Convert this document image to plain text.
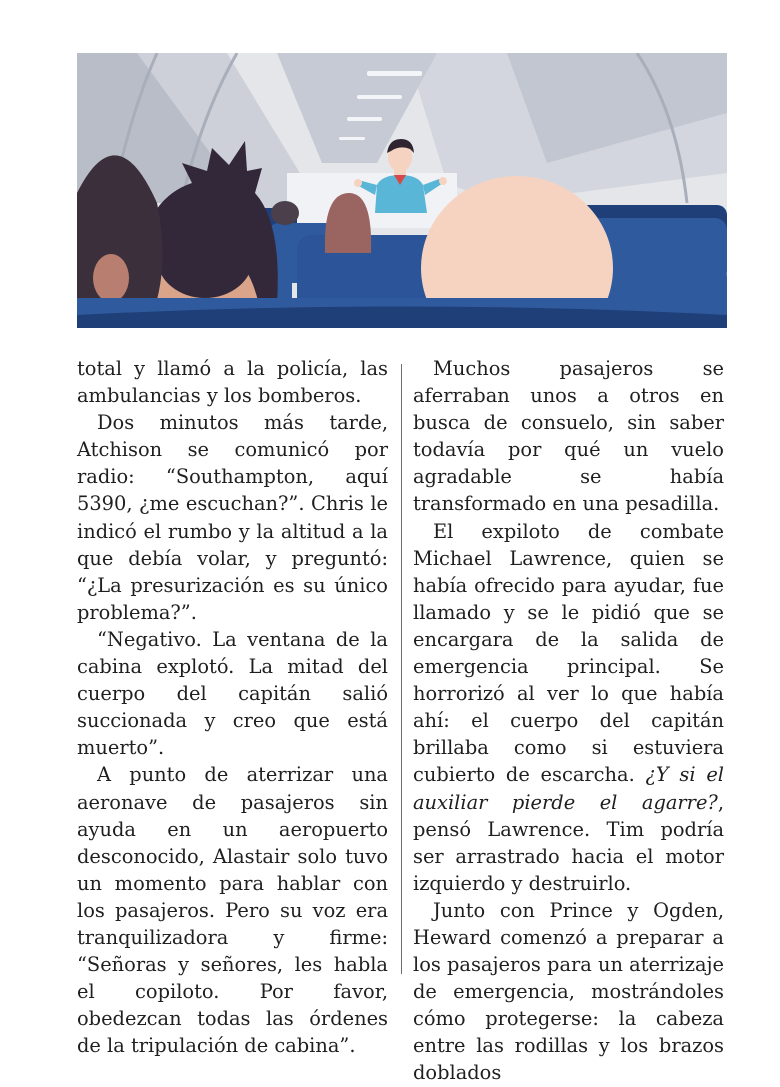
total y llamó a la policía, las ambulancias y los bomberos.

Dos minutos más tarde, Atchison se comunicó por radio: “Southampton, aquí 5390, ¿me escuchan?”. Chris le indicó el rumbo y la altitud a la que debía volar, y preguntó: “¿La presurización es su único problema?”.

“Negativo. La ventana de la cabina explotó. La mitad del cuerpo del capitán salió succionada y creo que está muerto”.

A punto de aterrizar una aeronave de pasajeros sin ayuda en un aeropuerto desconocido, Alastair solo tuvo un momento para hablar con los pasajeros. Pero su voz era tranquilizadora y firme: “Señoras y señores, les habla el copiloto. Por favor, obedezcan todas las órdenes de la tripulación de cabina”.

Muchos pasajeros se aferraban unos a otros en busca de consuelo, sin saber todavía por qué un vuelo agradable se había transformado en una pesadilla.

El expiloto de combate Michael Lawrence, quien se había ofrecido para ayudar, fue llamado y se le pidió que se encargara de la salida de emergencia principal. Se horrorizó al ver lo que había ahí: el cuerpo del capitán brillaba como si estuviera cubierto de escarcha. ¿Y si el auxiliar pierde el agarre?, pensó Lawrence. Tim podría ser arrastrado hacia el motor izquierdo y destruirlo.

Junto con Prince y Ogden, Heward comenzó a preparar a los pasajeros para un aterrizaje de emergencia, mostrándoles cómo protegerse: la cabeza entre las rodillas y los brazos doblados
